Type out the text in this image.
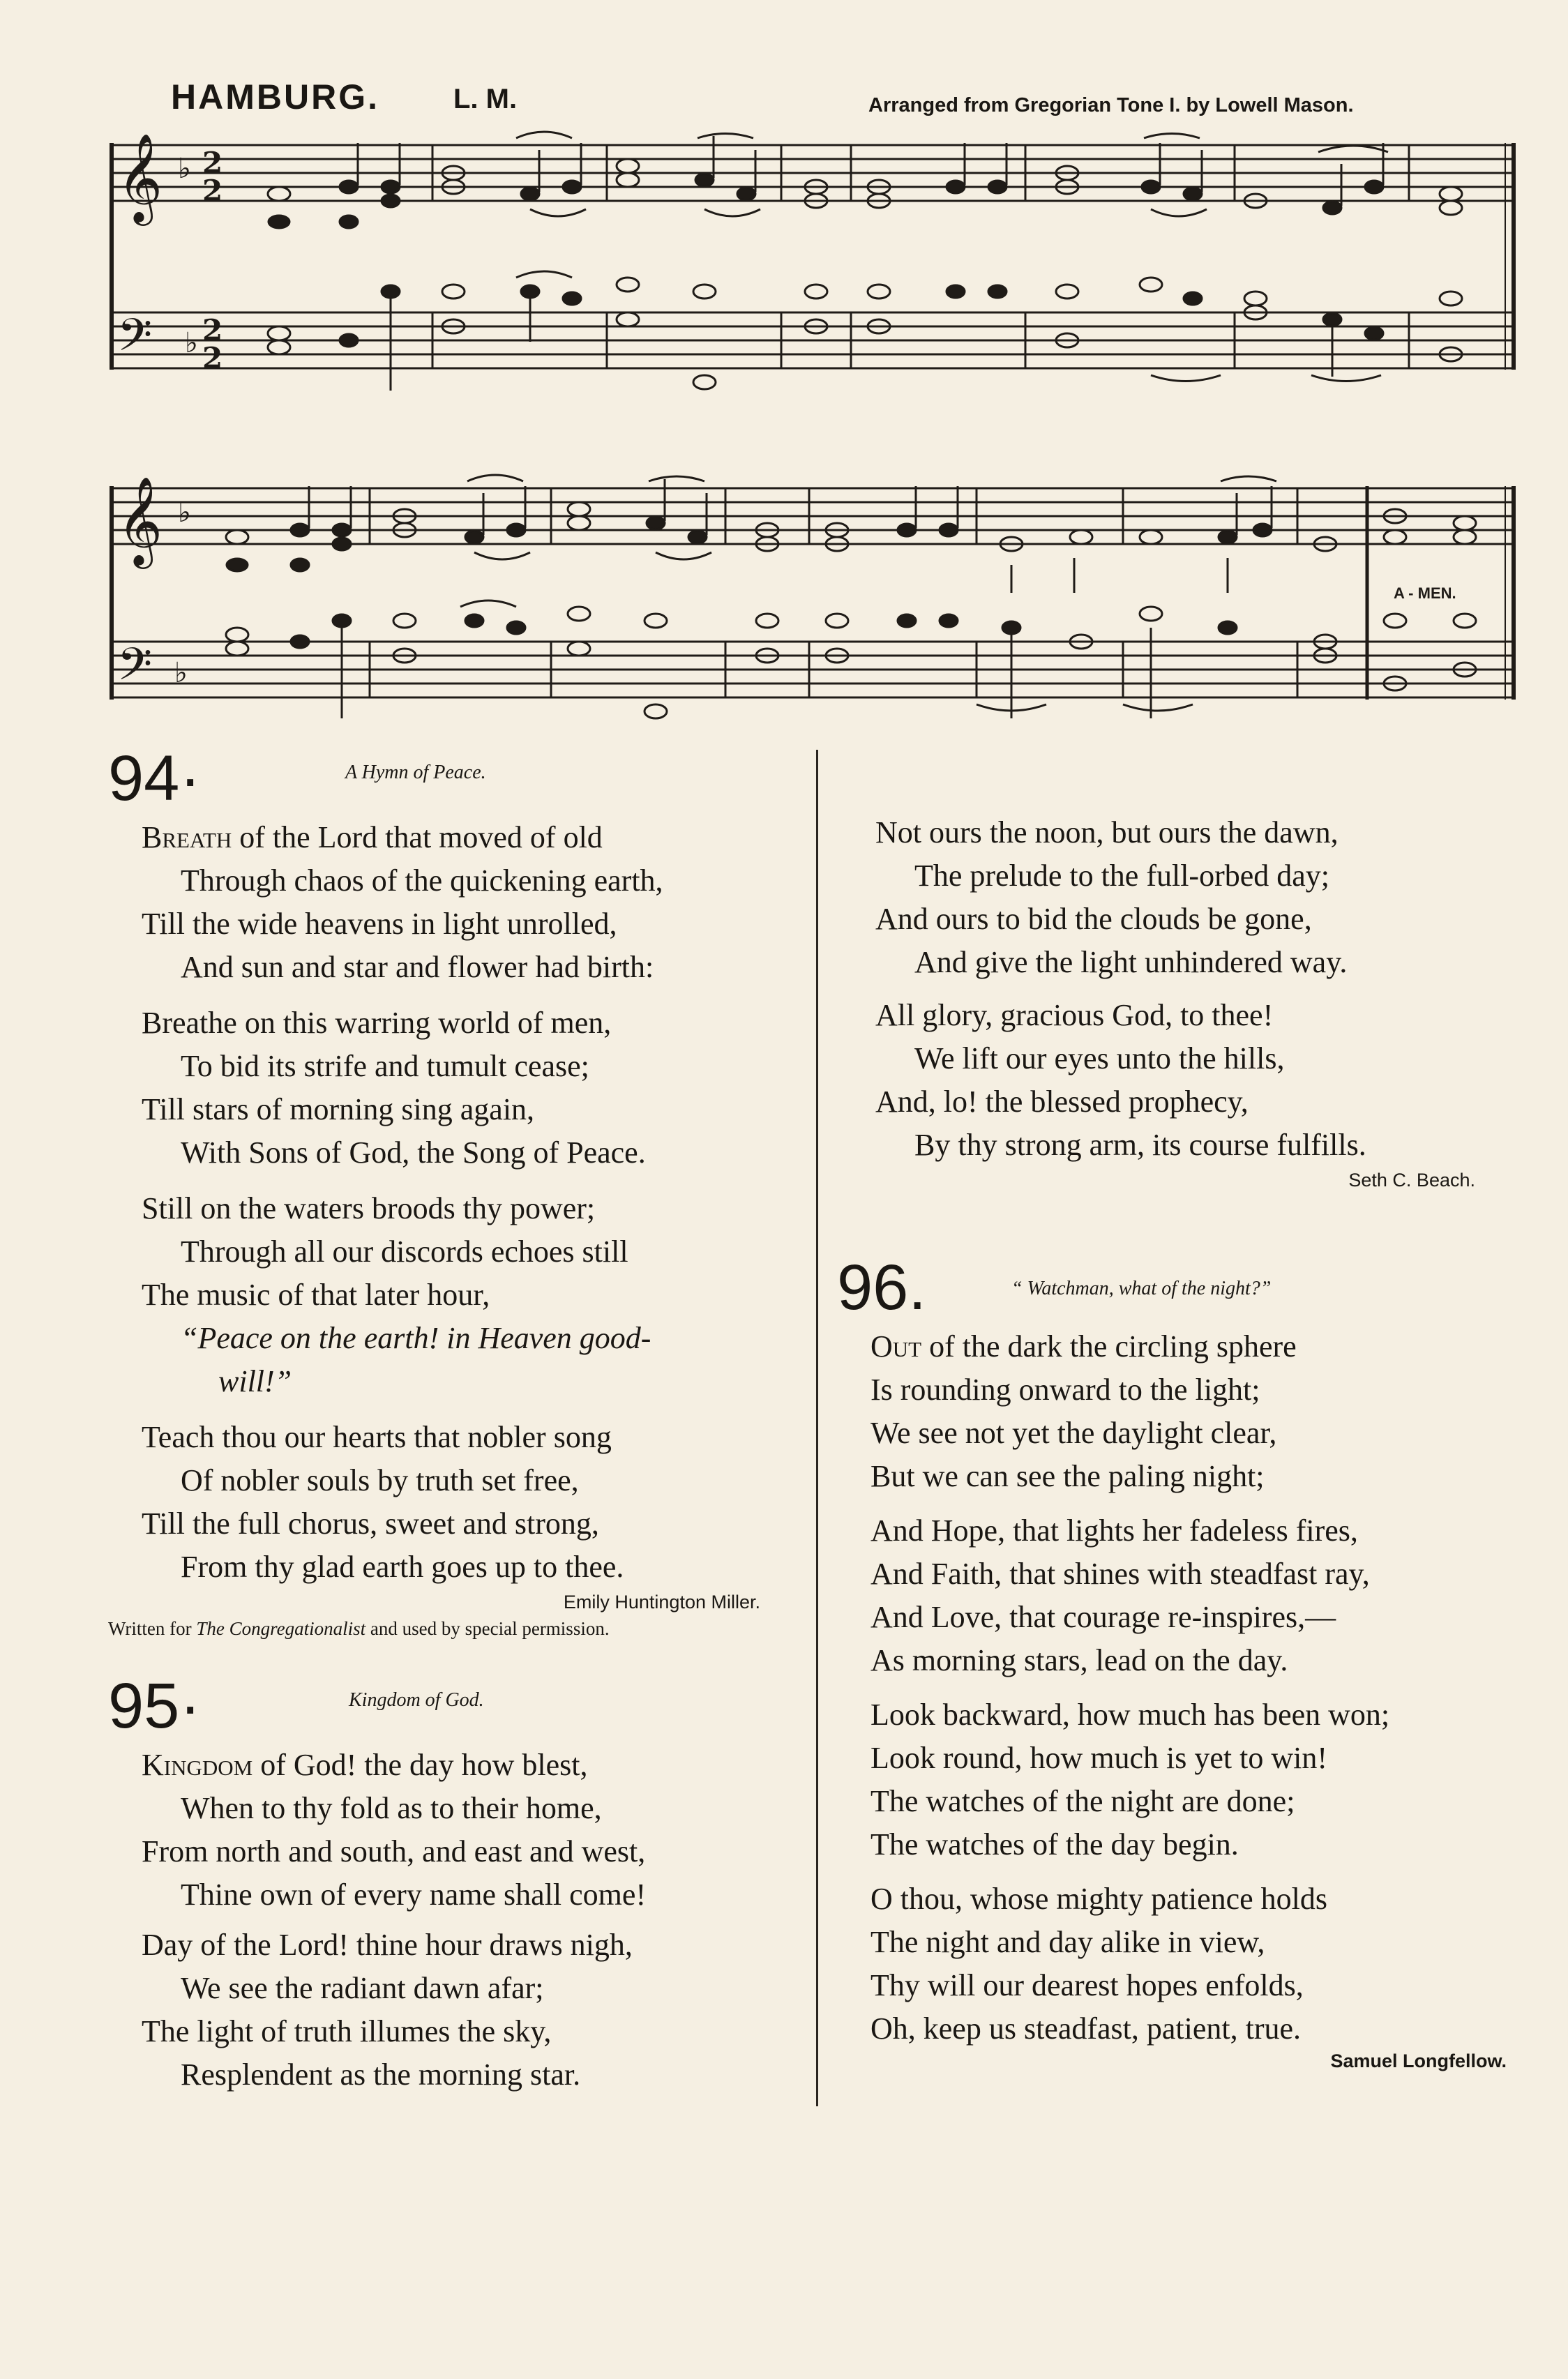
HAMBURG.	L. M.	Arranged from Gregorian Tone I. by Lowell Mason.
𝄞
𝄢
♭
♭
2
2
2
2
𝄞
𝄢
♭
♭
A - MEN.
94·	A Hymn of Peace.
Breath of the Lord that moved of old
Through chaos of the quickening earth,
Till the wide heavens in light unrolled,
And sun and star and flower had birth:
Breathe on this warring world of men,
To bid its strife and tumult cease;
Till stars of morning sing again,
With Sons of God, the Song of Peace.
Still on the waters broods thy power;
Through all our discords echoes still
The music of that later hour,
“Peace on the earth! in Heaven good-
will!”
Teach thou our hearts that nobler song
Of nobler souls by truth set free,
Till the full chorus, sweet and strong,
From thy glad earth goes up to thee.
Emily Huntington Miller.
Written for The Congregationalist and used by special permission.
95·	Kingdom of God.
Kingdom of God! the day how blest,
When to thy fold as to their home,
From north and south, and east and west,
Thine own of every name shall come!
Day of the Lord! thine hour draws nigh,
We see the radiant dawn afar;
The light of truth illumes the sky,
Resplendent as the morning star.
Not ours the noon, but ours the dawn,
The prelude to the full-orbed day;
And ours to bid the clouds be gone,
And give the light unhindered way.
All glory, gracious God, to thee!
We lift our eyes unto the hills,
And, lo! the blessed prophecy,
By thy strong arm, its course fulfills.
Seth C. Beach.
96.	“ Watchman, what of the night?”
Out of the dark the circling sphere
Is rounding onward to the light;
We see not yet the daylight clear,
But we can see the paling night;
And Hope, that lights her fadeless fires,
And Faith, that shines with steadfast ray,
And Love, that courage re-inspires,—
As morning stars, lead on the day.
Look backward, how much has been won;
Look round, how much is yet to win!
The watches of the night are done;
The watches of the day begin.
O thou, whose mighty patience holds
The night and day alike in view,
Thy will our dearest hopes enfolds,
Oh, keep us steadfast, patient, true.
Samuel Longfellow.
